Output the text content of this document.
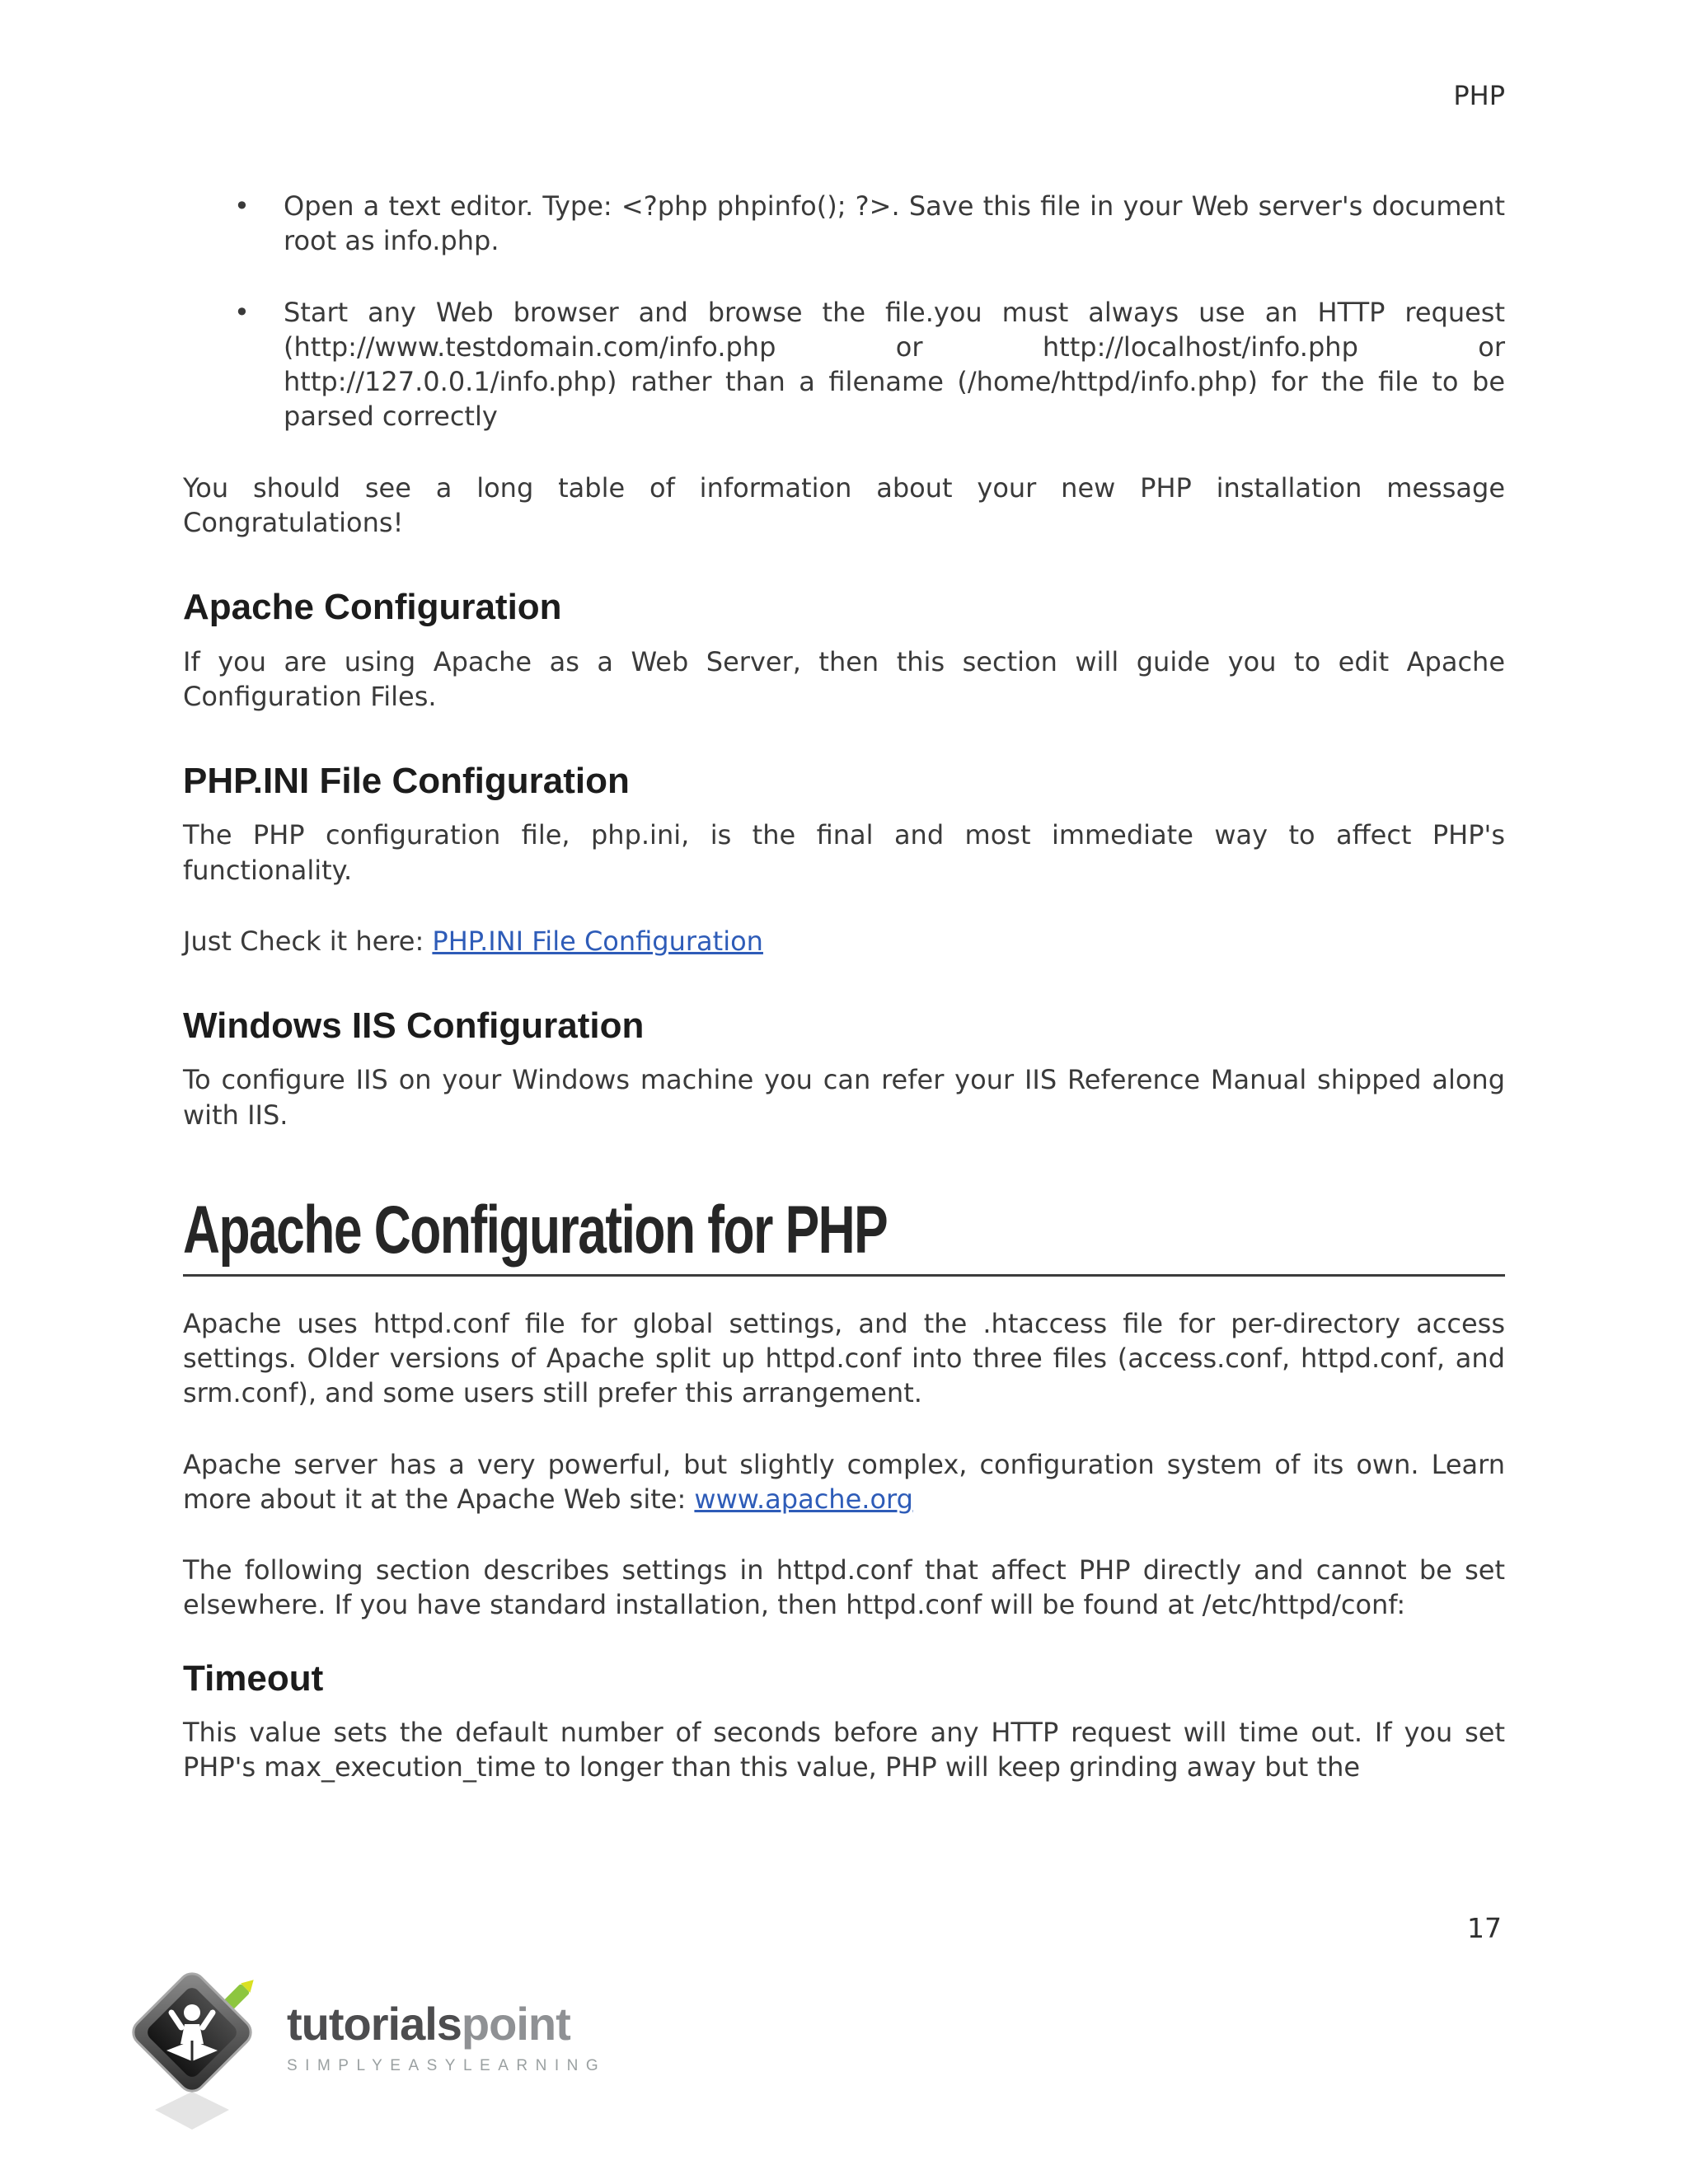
PHP
• Open a text editor. Type: <?php phpinfo(); ?>. Save this file in your Web server's document root as info.php.
• Start any Web browser and browse the file.you must always use an HTTP request (http://www.testdomain.com/info.php or http://localhost/info.php or http://127.0.0.1/info.php) rather than a filename (/home/httpd/info.php) for the file to be parsed correctly

You should see a long table of information about your new PHP installation message Congratulations!

Apache Configuration

If you are using Apache as a Web Server, then this section will guide you to edit Apache Configuration Files.

PHP.INI File Configuration

The PHP configuration file, php.ini, is the final and most immediate way to affect PHP's functionality.

Just Check it here: PHP.INI File Configuration

Windows IIS Configuration

To configure IIS on your Windows machine you can refer your IIS Reference Manual shipped along with IIS.

Apache Configuration for PHP

Apache uses httpd.conf file for global settings, and the .htaccess file for per-directory access settings. Older versions of Apache split up httpd.conf into three files (access.conf, httpd.conf, and srm.conf), and some users still prefer this arrangement.

Apache server has a very powerful, but slightly complex, configuration system of its own. Learn more about it at the Apache Web site: www.apache.org

The following section describes settings in httpd.conf that affect PHP directly and cannot be set elsewhere. If you have standard installation, then httpd.conf will be found at /etc/httpd/conf:

Timeout

This value sets the default number of seconds before any HTTP request will time out. If you set PHP's max_execution_time to longer than this value, PHP will keep grinding away but the

17
tutorialspoint
SIMPLYEASYLEARNING
